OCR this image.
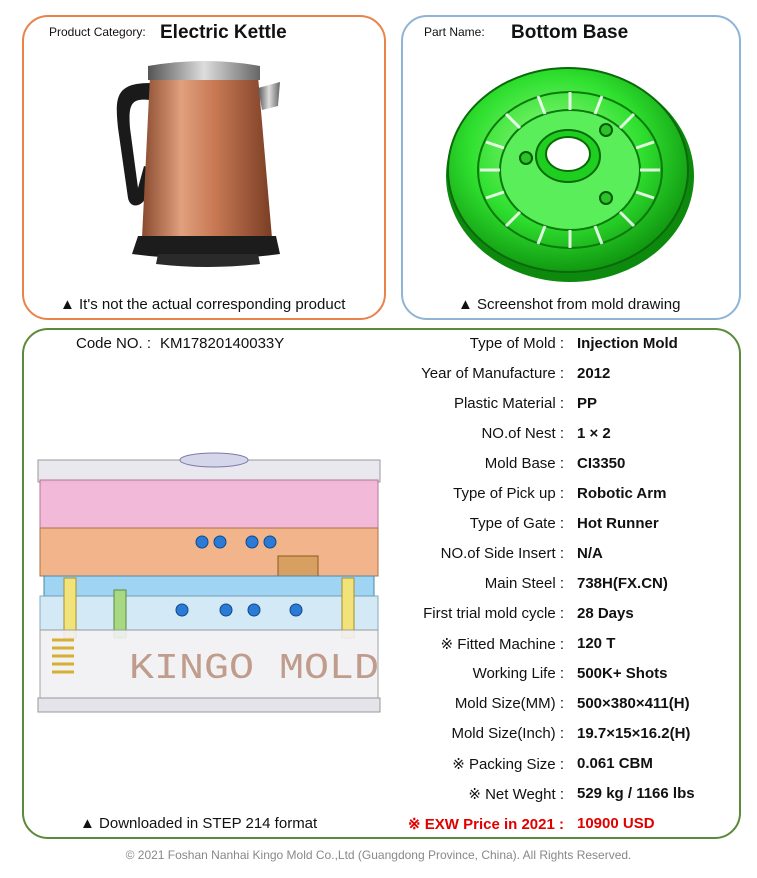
Product Category: Electric Kettle
▲ It's not the actual corresponding product
Part Name: Bottom Base
▲ Screenshot from mold drawing
Code NO. : KM17820140033Y
KINGO MOLD
▲ Downloaded in STEP 214 format
Type of Mold : Injection Mold
Year of Manufacture : 2012
Plastic Material : PP
NO.of Nest : 1 × 2
Mold Base : CI3350
Type of Pick up : Robotic Arm
Type of Gate : Hot Runner
NO.of Side Insert : N/A
Main Steel : 738H(FX.CN)
First trial mold cycle : 28 Days
※ Fitted Machine : 120 T
Working Life : 500K+ Shots
Mold Size(MM) : 500×380×411(H)
Mold Size(Inch) : 19.7×15×16.2(H)
※ Packing Size : 0.061 CBM
※ Net Weght : 529 kg / 1166 lbs
※ EXW Price in 2021 : 10900 USD
© 2021 Foshan Nanhai Kingo Mold Co.,Ltd (Guangdong Province, China). All Rights Reserved.
